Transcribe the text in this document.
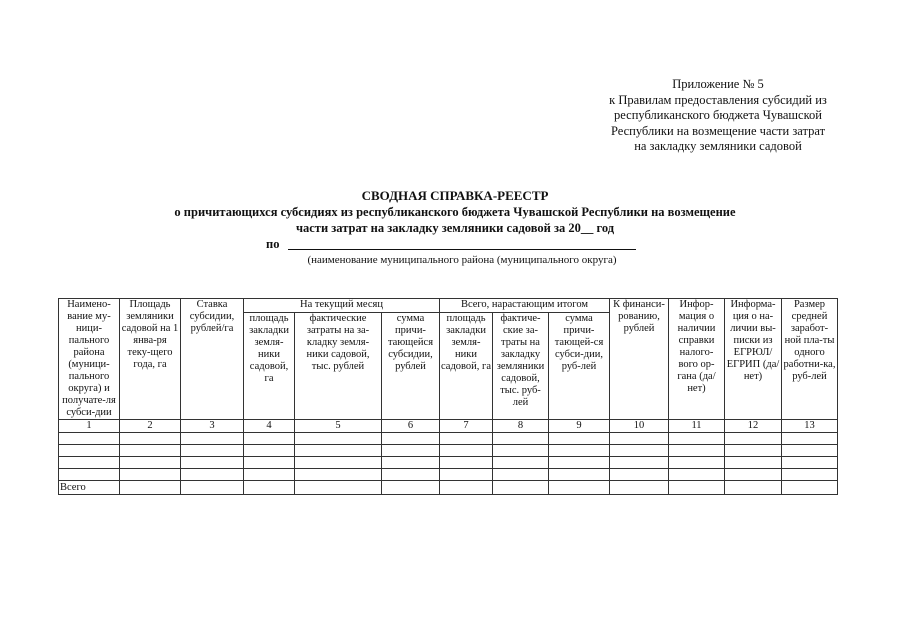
Приложение № 5
к Правилам предоставления субсидий из
республиканского бюджета Чувашской
Республики на возмещение части затрат
на закладку земляники садовой
СВОДНАЯ СПРАВКА-РЕЕСТР
о причитающихся субсидиях из республиканского бюджета Чувашской Республики на возмещение
части затрат на закладку земляники садовой за 20__ год
по
(наименование муниципального района (муниципального округа)
Наимено-вание му-ници-пального района (муници-пального округа) и получате-ля субси-дии	Площадь земляники садовой на 1 янва-ря теку-щего года, га	Ставка субсидии, рублей/га	На текущий месяц			Всего, нарастающим итогом			К финанси-рованию, рублей	Инфор-мация о наличии справки налого-вого ор-гана (да/нет)	Информа-ция о на-личии вы-писки из ЕГРЮЛ/ЕГРИП (да/нет)	Размер средней заработ-ной пла-ты одного работни-ка, руб-лей
			площадь закладки земля-ники садовой, га	фактические затраты на за-кладку земля-ники садовой, тыс. рублей	сумма причи-тающейся субсидии, рублей	площадь закладки земля-ники садовой, га	фактиче-ские за-траты на закладку земляники садовой, тыс. руб-лей	сумма причи-тающей-ся субси-дии, руб-лей				
1	2	3	4	5	6	7	8	9	10	11	12	13

Всего												
